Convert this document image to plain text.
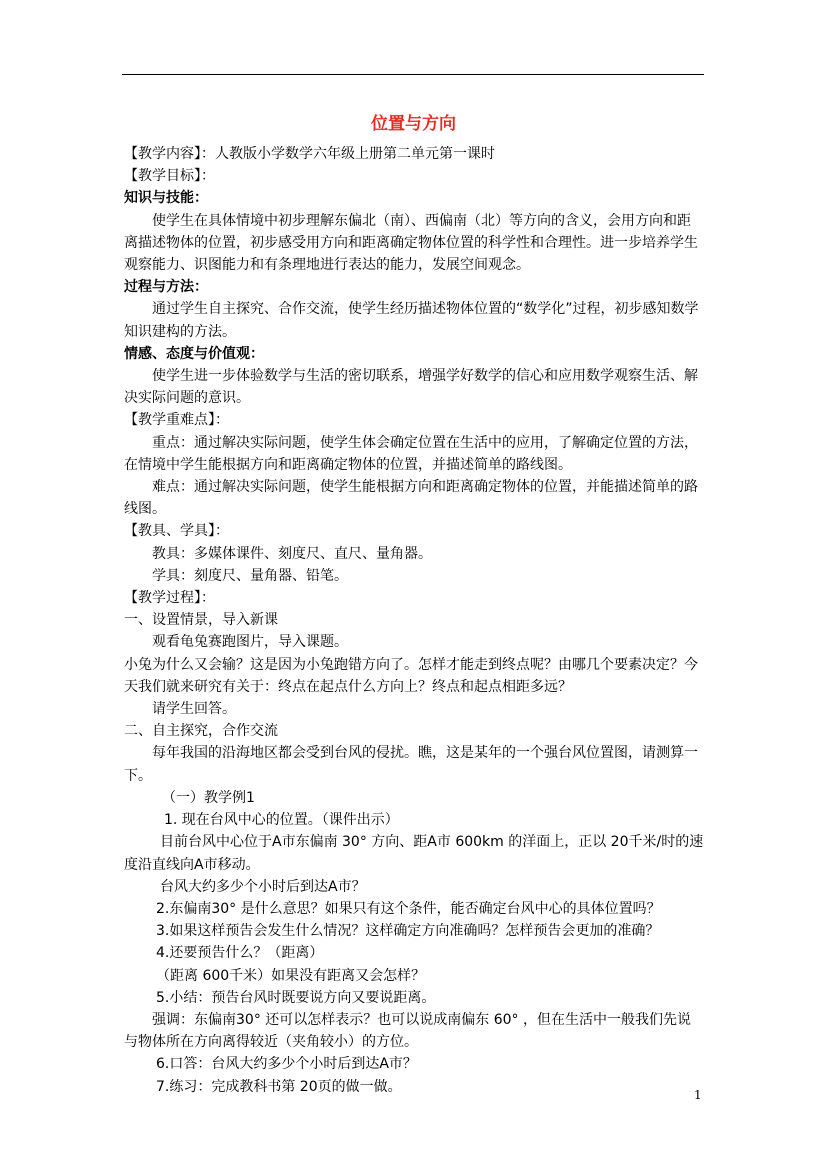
位置与方向

【教学内容】：人教版小学数学六年级上册第二单元第一课时

【教学目标】：

知识与技能：

使学生在具体情境中初步理解东偏北（南）、西偏南（北）等方向的含义，会用方向和距离描述物体的位置，初步感受用方向和距离确定物体位置的科学性和合理性。进一步培养学生观察能力、识图能力和有条理地进行表达的能力，发展空间观念。

过程与方法：

通过学生自主探究、合作交流，使学生经历描述物体位置的“数学化”过程，初步感知数学知识建构的方法。

情感、态度与价值观：

使学生进一步体验数学与生活的密切联系，增强学好数学的信心和应用数学观察生活、解决实际问题的意识。

【教学重难点】：

重点：通过解决实际问题，使学生体会确定位置在生活中的应用，了解确定位置的方法，在情境中学生能根据方向和距离确定物体的位置，并描述简单的路线图。

难点：通过解决实际问题，使学生能根据方向和距离确定物体的位置，并能描述简单的路线图。

【教具、学具】：

教具：多媒体课件、刻度尺、直尺、量角器。

学具：刻度尺、量角器、铅笔。

【教学过程】：

一、设置情景，导入新课

观看龟兔赛跑图片，导入课题。

小兔为什么又会输？这是因为小兔跑错方向了。怎样才能走到终点呢？由哪几个要素决定？今天我们就来研究有关于：终点在起点什么方向上？终点和起点相距多远？

请学生回答。

二、自主探究，合作交流

每年我国的沿海地区都会受到台风的侵扰。瞧，这是某年的一个强台风位置图，请测算一下。

（一）教学例1

1. 现在台风中心的位置。（课件出示）

目前台风中心位于A市东偏南 30° 方向、距A市 600km 的洋面上，正以 20千米/时的速度沿直线向A市移动。

台风大约多少个小时后到达A市？

2.东偏南30° 是什么意思？如果只有这个条件，能否确定台风中心的具体位置吗？

3.如果这样预告会发生什么情况？这样确定方向准确吗？怎样预告会更加的准确？

4.还要预告什么？（距离）

（距离 600千米）如果没有距离又会怎样？

5.小结：预告台风时既要说方向又要说距离。

强调：东偏南30° 还可以怎样表示？也可以说成南偏东 60° ，但在生活中一般我们先说与物体所在方向离得较近（夹角较小）的方位。

6.口答：台风大约多少个小时后到达A市？

7.练习：完成教科书第 20页的做一做。

1
